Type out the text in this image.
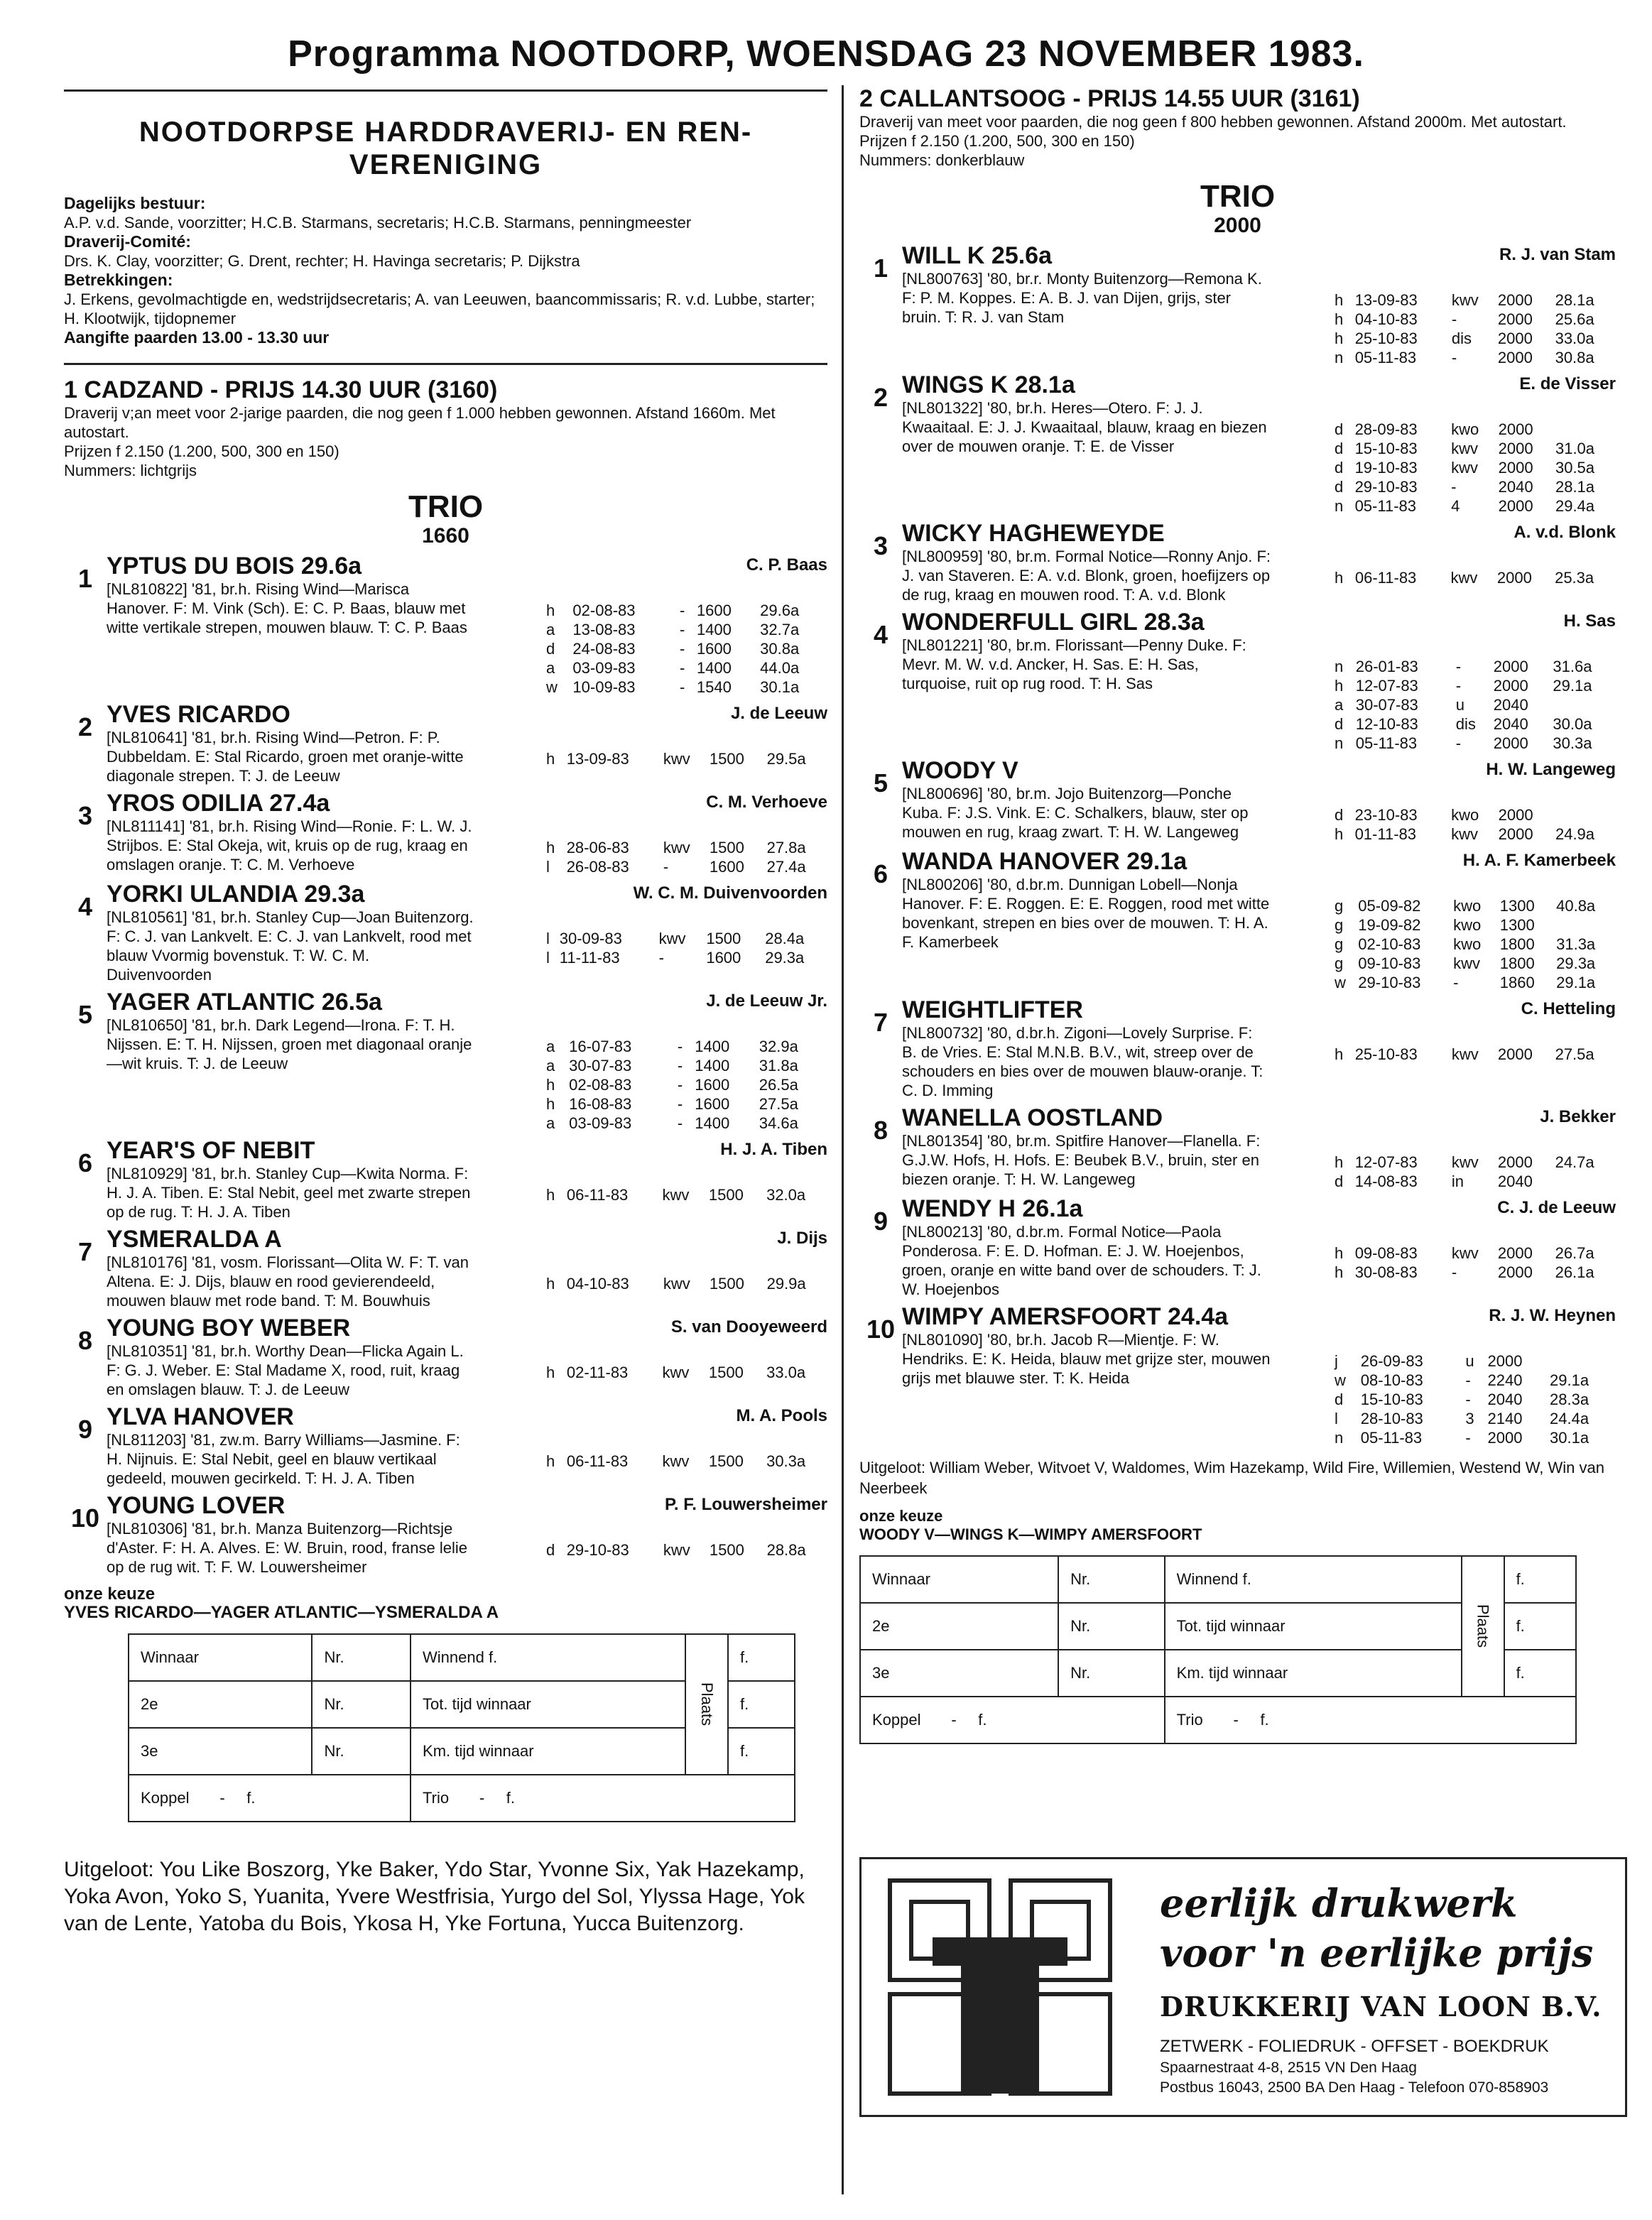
Programma NOOTDORP, WOENSDAG 23 NOVEMBER 1983.
NOOTDORPSE HARDDRAVERIJ- EN REN-VERENIGING
Dagelijks bestuur:
A.P. v.d. Sande, voorzitter; H.C.B. Starmans, secretaris; H.C.B. Starmans, penningmeester
Draverij-Comité:
Drs. K. Clay, voorzitter; G. Drent, rechter; H. Havinga secretaris; P. Dijkstra
Betrekkingen:
J. Erkens, gevolmachtigde en, wedstrijdsecretaris; A. van Leeuwen, baancommissaris; R. v.d. Lubbe, starter; H. Klootwijk, tijdopnemer
Aangifte paarden 13.00 - 13.30 uur
1 CADZAND - PRIJS 14.30 UUR (3160)
Draverij v;an meet voor 2-jarige paarden, die nog geen f 1.000 hebben gewonnen. Afstand 1660m. Met autostart.
Prijzen f 2.150 (1.200, 500, 300 en 150)
Nummers: lichtgrijs
TRIO
1660
1 YPTUS DU BOIS 29.6a	C. P. Baas
[NL810822] '81, br.h. Rising Wind—Marisca Hanover. F: M. Vink (Sch). E: C. P. Baas, blauw met witte vertikale strepen, mouwen blauw. T: C. P. Baas
h	02-08-83	-	1600	29.6a
a	13-08-83	-	1400	32.7a
d	24-08-83	-	1600	30.8a
a	03-09-83	-	1400	44.0a
w	10-09-83	-	1540	30.1a
2 YVES RICARDO	J. de Leeuw
[NL810641] '81, br.h. Rising Wind—Petron. F: P. Dubbeldam. E: Stal Ricardo, groen met oranje-witte diagonale strepen. T: J. de Leeuw
h	13-09-83	kwv	1500	29.5a
3 YROS ODILIA 27.4a	C. M. Verhoeve
[NL811141] '81, br.h. Rising Wind—Ronie. F: L. W. J. Strijbos. E: Stal Okeja, wit, kruis op de rug, kraag en omslagen oranje. T: C. M. Verhoeve
h	28-06-83	kwv	1500	27.8a
l	26-08-83	-	1600	27.4a
4 YORKI ULANDIA 29.3a	W. C. M. Duivenvoorden
[NL810561] '81, br.h. Stanley Cup—Joan Buitenzorg. F: C. J. van Lankvelt. E: C. J. van Lankvelt, rood met blauw Vvormig bovenstuk. T: W. C. M. Duivenvoorden
l	30-09-83	kwv	1500	28.4a
l	11-11-83	-	1600	29.3a
5 YAGER ATLANTIC 26.5a	J. de Leeuw Jr.
[NL810650] '81, br.h. Dark Legend—Irona. F: T. H. Nijssen. E: T. H. Nijssen, groen met diagonaal oranje—wit kruis. T: J. de Leeuw
a	16-07-83	-	1400	32.9a
a	30-07-83	-	1400	31.8a
h	02-08-83	-	1600	26.5a
h	16-08-83	-	1600	27.5a
a	03-09-83	-	1400	34.6a
6 YEAR'S OF NEBIT	H. J. A. Tiben
[NL810929] '81, br.h. Stanley Cup—Kwita Norma. F: H. J. A. Tiben. E: Stal Nebit, geel met zwarte strepen op de rug. T: H. J. A. Tiben
h	06-11-83	kwv	1500	32.0a
7 YSMERALDA A	J. Dijs
[NL810176] '81, vosm. Florissant—Olita W. F: T. van Altena. E: J. Dijs, blauw en rood gevierendeeld, mouwen blauw met rode band. T: M. Bouwhuis
h	04-10-83	kwv	1500	29.9a
8 YOUNG BOY WEBER	S. van Dooyeweerd
[NL810351] '81, br.h. Worthy Dean—Flicka Again L. F: G. J. Weber. E: Stal Madame X, rood, ruit, kraag en omslagen blauw. T: J. de Leeuw
h	02-11-83	kwv	1500	33.0a
9 YLVA HANOVER	M. A. Pools
[NL811203] '81, zw.m. Barry Williams—Jasmine. F: H. Nijnuis. E: Stal Nebit, geel en blauw vertikaal gedeeld, mouwen gecirkeld. T: H. J. A. Tiben
h	06-11-83	kwv	1500	30.3a
10 YOUNG LOVER	P. F. Louwersheimer
[NL810306] '81, br.h. Manza Buitenzorg—Richtsje d'Aster. F: H. A. Alves. E: W. Bruin, rood, franse lelie op de rug wit. T: F. W. Louwersheimer
d	29-10-83	kwv	1500	28.8a
onze keuze
YVES RICARDO—YAGER ATLANTIC—YSMERALDA A
Winnaar	Nr.	Winnend f.	Plaats	f.
2e	Nr.	Tot. tijd winnaar		f.
3e	Nr.	Km. tijd winnaar		f.
Koppel - f.		Trio - f.		
Uitgeloot: You Like Boszorg, Yke Baker, Ydo Star, Yvonne Six, Yak Hazekamp, Yoka Avon, Yoko S, Yuanita, Yvere Westfrisia, Yurgo del Sol, Ylyssa Hage, Yok van de Lente, Yatoba du Bois, Ykosa H, Yke Fortuna, Yucca Buitenzorg.
2 CALLANTSOOG - PRIJS 14.55 UUR (3161)
Draverij van meet voor paarden, die nog geen f 800 hebben gewonnen. Afstand 2000m. Met autostart.
Prijzen f 2.150 (1.200, 500, 300 en 150)
Nummers: donkerblauw
TRIO
2000
1 WILL K 25.6a	R. J. van Stam
[NL800763] '80, br.r. Monty Buitenzorg—Remona K. F: P. M. Koppes. E: A. B. J. van Dijen, grijs, ster bruin. T: R. J. van Stam
h	13-09-83	kwv	2000	28.1a
h	04-10-83	-	2000	25.6a
h	25-10-83	dis	2000	33.0a
n	05-11-83	-	2000	30.8a
2 WINGS K 28.1a	E. de Visser
[NL801322] '80, br.h. Heres—Otero. F: J. J. Kwaaitaal. E: J. J. Kwaaitaal, blauw, kraag en biezen over de mouwen oranje. T: E. de Visser
d	28-09-83	kwo	2000	
d	15-10-83	kwv	2000	31.0a
d	19-10-83	kwv	2000	30.5a
d	29-10-83	-	2040	28.1a
n	05-11-83	4	2000	29.4a
3 WICKY HAGHEWEYDE	A. v.d. Blonk
[NL800959] '80, br.m. Formal Notice—Ronny Anjo. F: J. van Staveren. E: A. v.d. Blonk, groen, hoefijzers op de rug, kraag en mouwen rood. T: A. v.d. Blonk
h	06-11-83	kwv	2000	25.3a
4 WONDERFULL GIRL 28.3a	H. Sas
[NL801221] '80, br.m. Florissant—Penny Duke. F: Mevr. M. W. v.d. Ancker, H. Sas. E: H. Sas, turquoise, ruit op rug rood. T: H. Sas
n	26-01-83	-	2000	31.6a
h	12-07-83	-	2000	29.1a
a	30-07-83	u	2040	
d	12-10-83	dis	2040	30.0a
n	05-11-83	-	2000	30.3a
5 WOODY V	H. W. Langeweg
[NL800696] '80, br.m. Jojo Buitenzorg—Ponche Kuba. F: J.S. Vink. E: C. Schalkers, blauw, ster op mouwen en rug, kraag zwart. T: H. W. Langeweg
d	23-10-83	kwo	2000	
h	01-11-83	kwv	2000	24.9a
6 WANDA HANOVER 29.1a	H. A. F. Kamerbeek
[NL800206] '80, d.br.m. Dunnigan Lobell—Nonja Hanover. F: E. Roggen. E: E. Roggen, rood met witte bovenkant, strepen en bies over de mouwen. T: H. A. F. Kamerbeek
g	05-09-82	kwo	1300	40.8a
g	19-09-82	kwo	1300	
g	02-10-83	kwo	1800	31.3a
g	09-10-83	kwv	1800	29.3a
w	29-10-83	-	1860	29.1a
7 WEIGHTLIFTER	C. Hetteling
[NL800732] '80, d.br.h. Zigoni—Lovely Surprise. F: B. de Vries. E: Stal M.N.B. B.V., wit, streep over de schouders en bies over de mouwen blauw-oranje. T: C. D. Imming
h	25-10-83	kwv	2000	27.5a
8 WANELLA OOSTLAND	J. Bekker
[NL801354] '80, br.m. Spitfire Hanover—Flanella. F: G.J.W. Hofs, H. Hofs. E: Beubek B.V., bruin, ster en biezen oranje. T: H. W. Langeweg
h	12-07-83	kwv	2000	24.7a
d	14-08-83	in	2040	
9 WENDY H 26.1a	C. J. de Leeuw
[NL800213] '80, d.br.m. Formal Notice—Paola Ponderosa. F: E. D. Hofman. E: J. W. Hoejenbos, groen, oranje en witte band over de schouders. T: J. W. Hoejenbos
h	09-08-83	kwv	2000	26.7a
h	30-08-83	-	2000	26.1a
10 WIMPY AMERSFOORT 24.4a	R. J. W. Heynen
[NL801090] '80, br.h. Jacob R—Mientje. F: W. Hendriks. E: K. Heida, blauw met grijze ster, mouwen grijs met blauwe ster. T: K. Heida
j	26-09-83	u	2000	
w	08-10-83	-	2240	29.1a
d	15-10-83	-	2040	28.3a
l	28-10-83	3	2140	24.4a
n	05-11-83	-	2000	30.1a
Uitgeloot: William Weber, Witvoet V, Waldomes, Wim Hazekamp, Wild Fire, Willemien, Westend W, Win van Neerbeek
onze keuze
WOODY V—WINGS K—WIMPY AMERSFOORT
Winnaar	Nr.	Winnend f.	Plaats	f.
2e	Nr.	Tot. tijd winnaar		f.
3e	Nr.	Km. tijd winnaar		f.
Koppel - f.		Trio - f.		
eerlijk drukwerk
voor 'n eerlijke prijs
DRUKKERIJ VAN LOON B.V.
ZETWERK - FOLIEDRUK - OFFSET - BOEKDRUK
Spaarnestraat 4-8, 2515 VN Den Haag
Postbus 16043, 2500 BA Den Haag - Telefoon 070-858903
